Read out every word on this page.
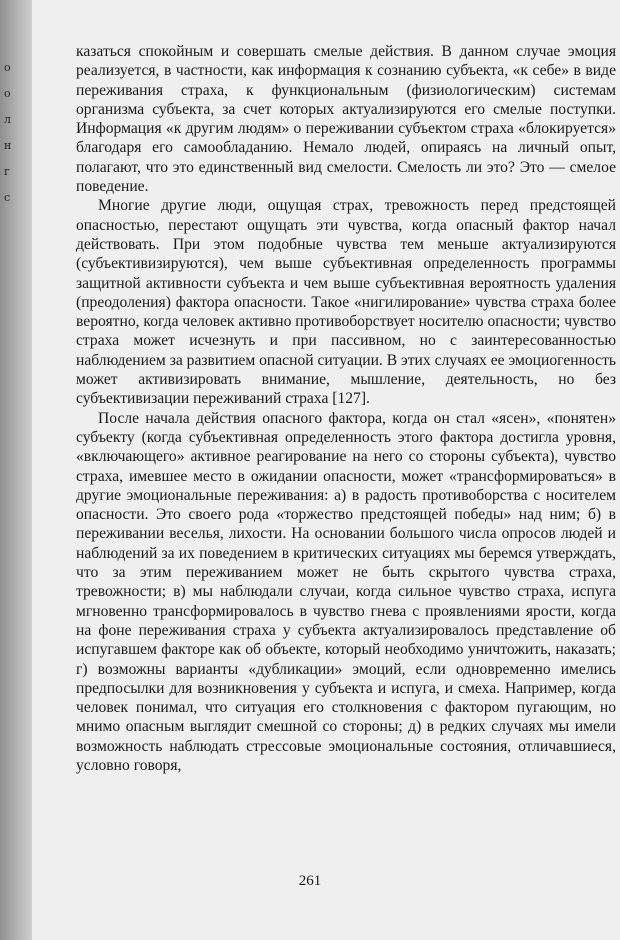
о
о
л
н
г
с

казаться спокойным и совершать смелые действия. В данном случае эмоция реализуется, в частности, как информация к сознанию субъекта, «к себе» в виде переживания страха, к функциональным (физиологическим) системам организма субъекта, за счет которых актуализируются его смелые поступки. Информация «к другим людям» о переживании субъектом страха «блокируется» благодаря его самообладанию. Немало людей, опираясь на личный опыт, полагают, что это единственный вид смелости. Смелость ли это? Это — смелое поведение.

Многие другие люди, ощущая страх, тревожность перед предстоящей опасностью, перестают ощущать эти чувства, когда опасный фактор начал действовать. При этом подобные чувства тем меньше актуализируются (субъективизируются), чем выше субъективная определенность программы защитной активности субъекта и чем выше субъективная вероятность удаления (преодоления) фактора опасности. Такое «нигилирование» чувства страха более вероятно, когда человек активно противоборствует носителю опасности; чувство страха может исчезнуть и при пассивном, но с заинтересованностью наблюдением за развитием опасной ситуации. В этих случаях ее эмоциогенность может активизировать внимание, мышление, деятельность, но без субъективизации переживаний страха [127].

После начала действия опасного фактора, когда он стал «ясен», «понятен» субъекту (когда субъективная определенность этого фактора достигла уровня, «включающего» активное реагирование на него со стороны субъекта), чувство страха, имевшее место в ожидании опасности, может «трансформироваться» в другие эмоциональные переживания: а) в радость противоборства с носителем опасности. Это своего рода «торжество предстоящей победы» над ним; б) в переживании веселья, лихости. На основании большого числа опросов людей и наблюдений за их поведением в критических ситуациях мы беремся утверждать, что за этим переживанием может не быть скрытого чувства страха, тревожности; в) мы наблюдали случаи, когда сильное чувство страха, испуга мгновенно трансформировалось в чувство гнева с проявлениями ярости, когда на фоне переживания страха у субъекта актуализировалось представление об испугавшем факторе как об объекте, который необходимо уничтожить, наказать; г) возможны варианты «дубликации» эмоций, если одновременно имелись предпосылки для возникновения у субъекта и испуга, и смеха. Например, когда человек понимал, что ситуация его столкновения с фактором пугающим, но мнимо опасным выглядит смешной со стороны; д) в редких случаях мы имели возможность наблюдать стрессовые эмоциональные состояния, отличавшиеся, условно говоря,

261
